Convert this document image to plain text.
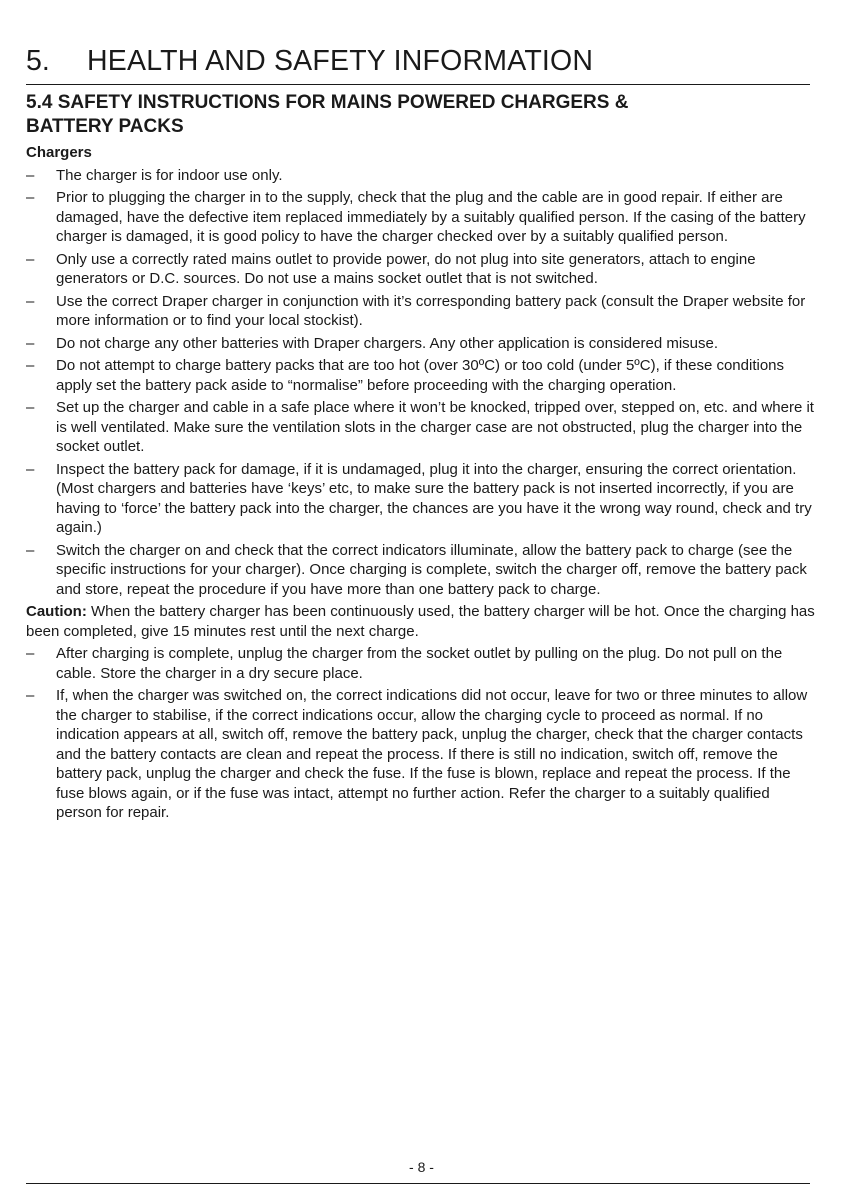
5. HEALTH AND SAFETY INFORMATION
5.4 SAFETY INSTRUCTIONS FOR MAINS POWERED CHARGERS &
BATTERY PACKS
Chargers
– The charger is for indoor use only.
– Prior to plugging the charger in to the supply, check that the plug and the cable are in good repair. If either are damaged, have the defective item replaced immediately by a suitably qualified person. If the casing of the battery charger is damaged, it is good policy to have the charger checked over by a suitably qualified person.
– Only use a correctly rated mains outlet to provide power, do not plug into site generators, attach to engine generators or D.C. sources. Do not use a mains socket outlet that is not switched.
– Use the correct Draper charger in conjunction with it’s corresponding battery pack (consult the Draper website for more information or to find your local stockist).
– Do not charge any other batteries with Draper chargers. Any other application is considered misuse.
– Do not attempt to charge battery packs that are too hot (over 30ºC) or too cold (under 5ºC), if these conditions apply set the battery pack aside to “normalise” before proceeding with the charging operation.
– Set up the charger and cable in a safe place where it won’t be knocked, tripped over, stepped on, etc. and where it is well ventilated. Make sure the ventilation slots in the charger case are not obstructed, plug the charger into the socket outlet.
– Inspect the battery pack for damage, if it is undamaged, plug it into the charger, ensuring the correct orientation. (Most chargers and batteries have ‘keys’ etc, to make sure the battery pack is not inserted incorrectly, if you are having to ‘force’ the battery pack into the charger, the chances are you have it the wrong way round, check and try again.)
– Switch the charger on and check that the correct indicators illuminate, allow the battery pack to charge (see the specific instructions for your charger). Once charging is complete, switch the charger off, remove the battery pack and store, repeat the procedure if you have more than one battery pack to charge.
Caution: When the battery charger has been continuously used, the battery charger will be hot. Once the charging has been completed, give 15 minutes rest until the next charge.
– After charging is complete, unplug the charger from the socket outlet by pulling on the plug. Do not pull on the cable. Store the charger in a dry secure place.
– If, when the charger was switched on, the correct indications did not occur, leave for two or three minutes to allow the charger to stabilise, if the correct indications occur, allow the charging cycle to proceed as normal. If no indication appears at all, switch off, remove the battery pack, unplug the charger, check that the charger contacts and the battery contacts are clean and repeat the process. If there is still no indication, switch off, remove the battery pack, unplug the charger and check the fuse. If the fuse is blown, replace and repeat the process. If the fuse blows again, or if the fuse was intact, attempt no further action. Refer the charger to a suitably qualified person for repair.
- 8 -
